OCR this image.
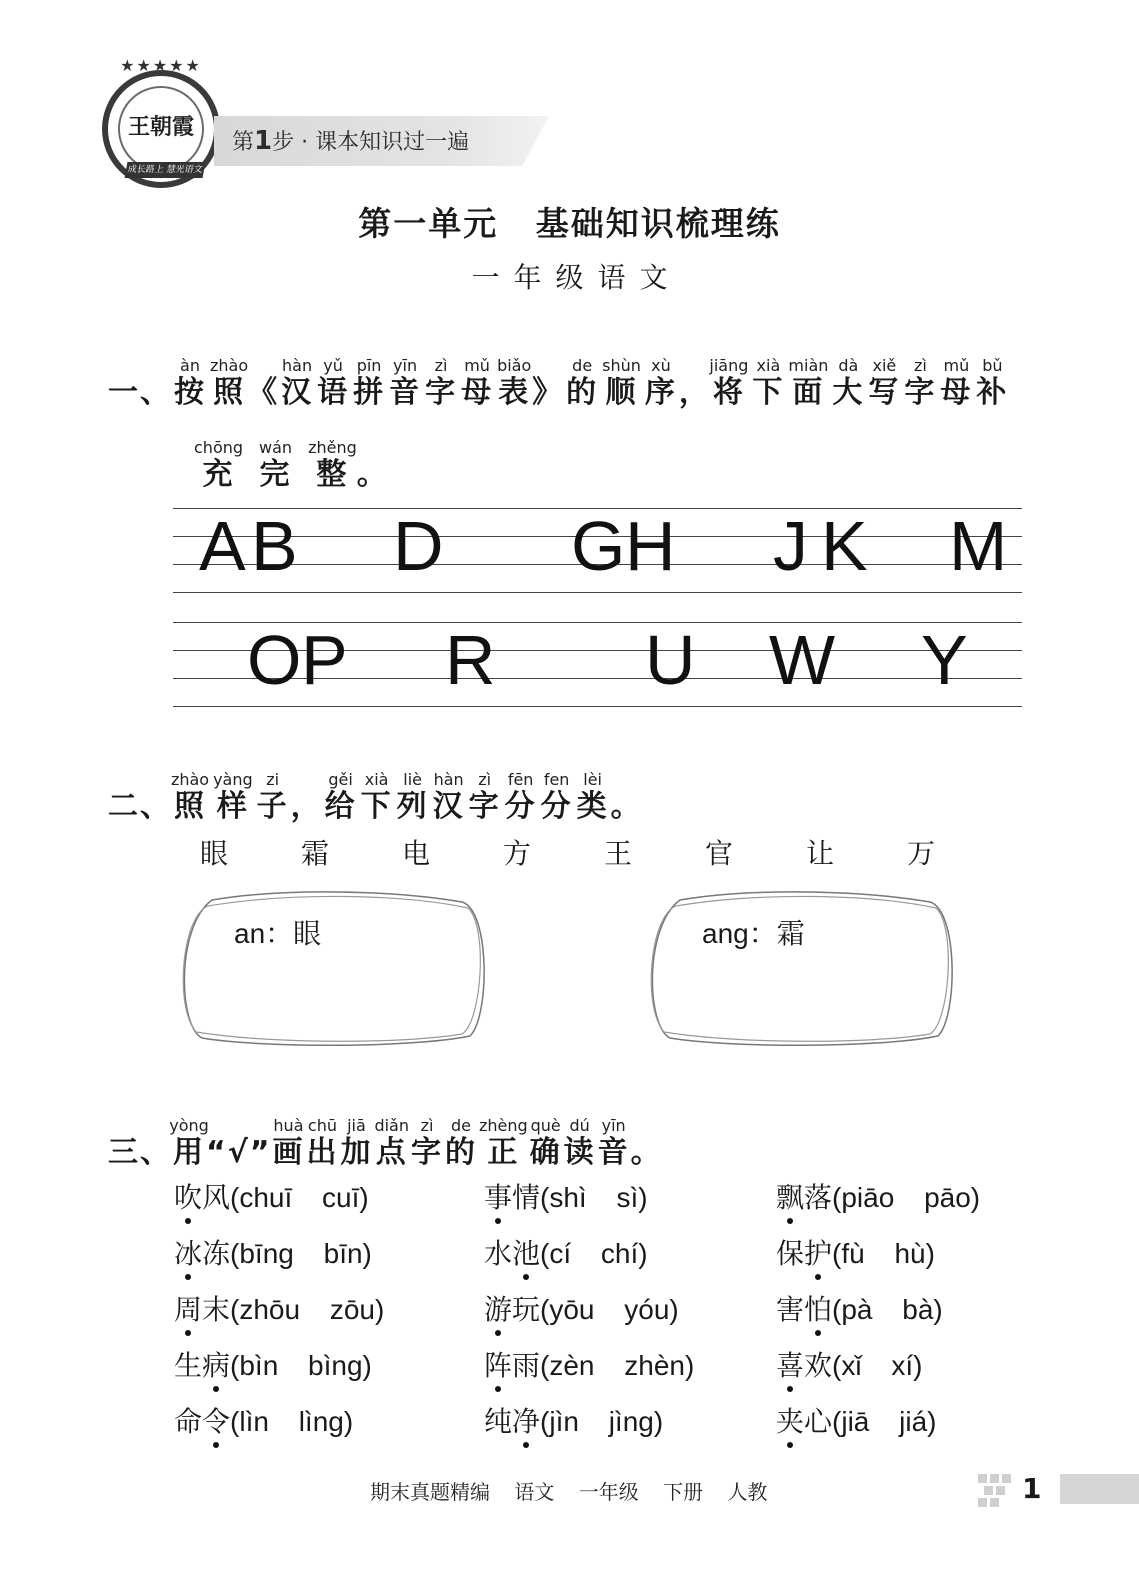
★★★★★
王朝霞
成长路上 慧光语文
第1步 · 课本知识过一遍
第一单元 基础知识梳理练
一年级语文
一、按àn照zhào《汉hàn语yǔ拼pīn音yīn字zì母mǔ表biǎo》的de顺shùn序xù，将jiāng下xià面miàn大dà写xiě字zì母mǔ补bǔ
充chōng完wán整zhěng。
A B D G H J K M
O P R U W Y
二、照zhào样yàng子zi，给gěi下xià列liè汉hàn字zì分fēn分fen类lèi。
眼	霜	电	方	王	官	让	万
an：眼	ang：霜
三、用yòng“√”画huà出chū加jiā点diǎn字zì的de正zhèng确què读dú音yīn。
吹风(chuī cuī)	事情(shì sì)	飘落(piāo pāo)
冰冻(bīng bīn)	水池(cí chí)	保护(fù hù)
周末(zhōu zōu)	游玩(yōu yóu)	害怕(pà bà)
生病(bìn bìng)	阵雨(zèn zhèn)	喜欢(xǐ xí)
命令(lìn lìng)	纯净(jìn jìng)	夹心(jiā jiá)
期末真题精编 语文 一年级 下册 人教	1
